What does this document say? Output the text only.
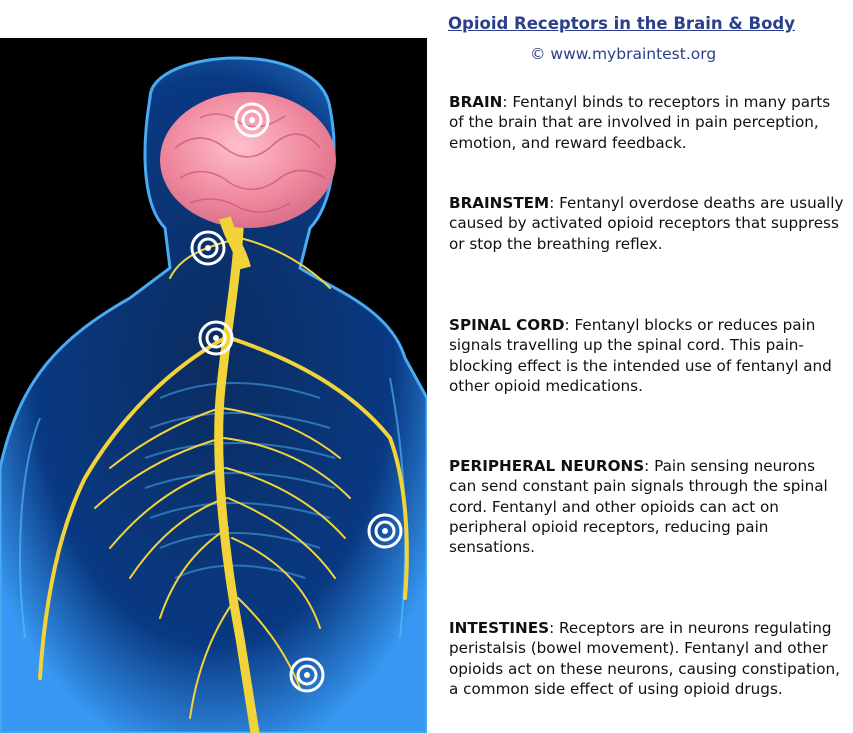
Opioid Receptors in the Brain & Body
© www.mybraintest.org
BRAIN: Fentanyl binds to receptors in many parts of the brain that are involved in pain perception, emotion, and reward feedback.
BRAINSTEM: Fentanyl overdose deaths are usually caused by activated opioid receptors that suppress or stop the breathing reflex.
SPINAL CORD: Fentanyl blocks or reduces pain signals travelling up the spinal cord. This pain-blocking effect is the intended use of fentanyl and other opioid medications.
PERIPHERAL NEURONS: Pain sensing neurons can send constant pain signals through the spinal cord. Fentanyl and other opioids can act on peripheral opioid receptors, reducing pain sensations.
INTESTINES: Receptors are in neurons regulating peristalsis (bowel movement). Fentanyl and other opioids act on these neurons, causing constipation, a common side effect of using opioid drugs.
